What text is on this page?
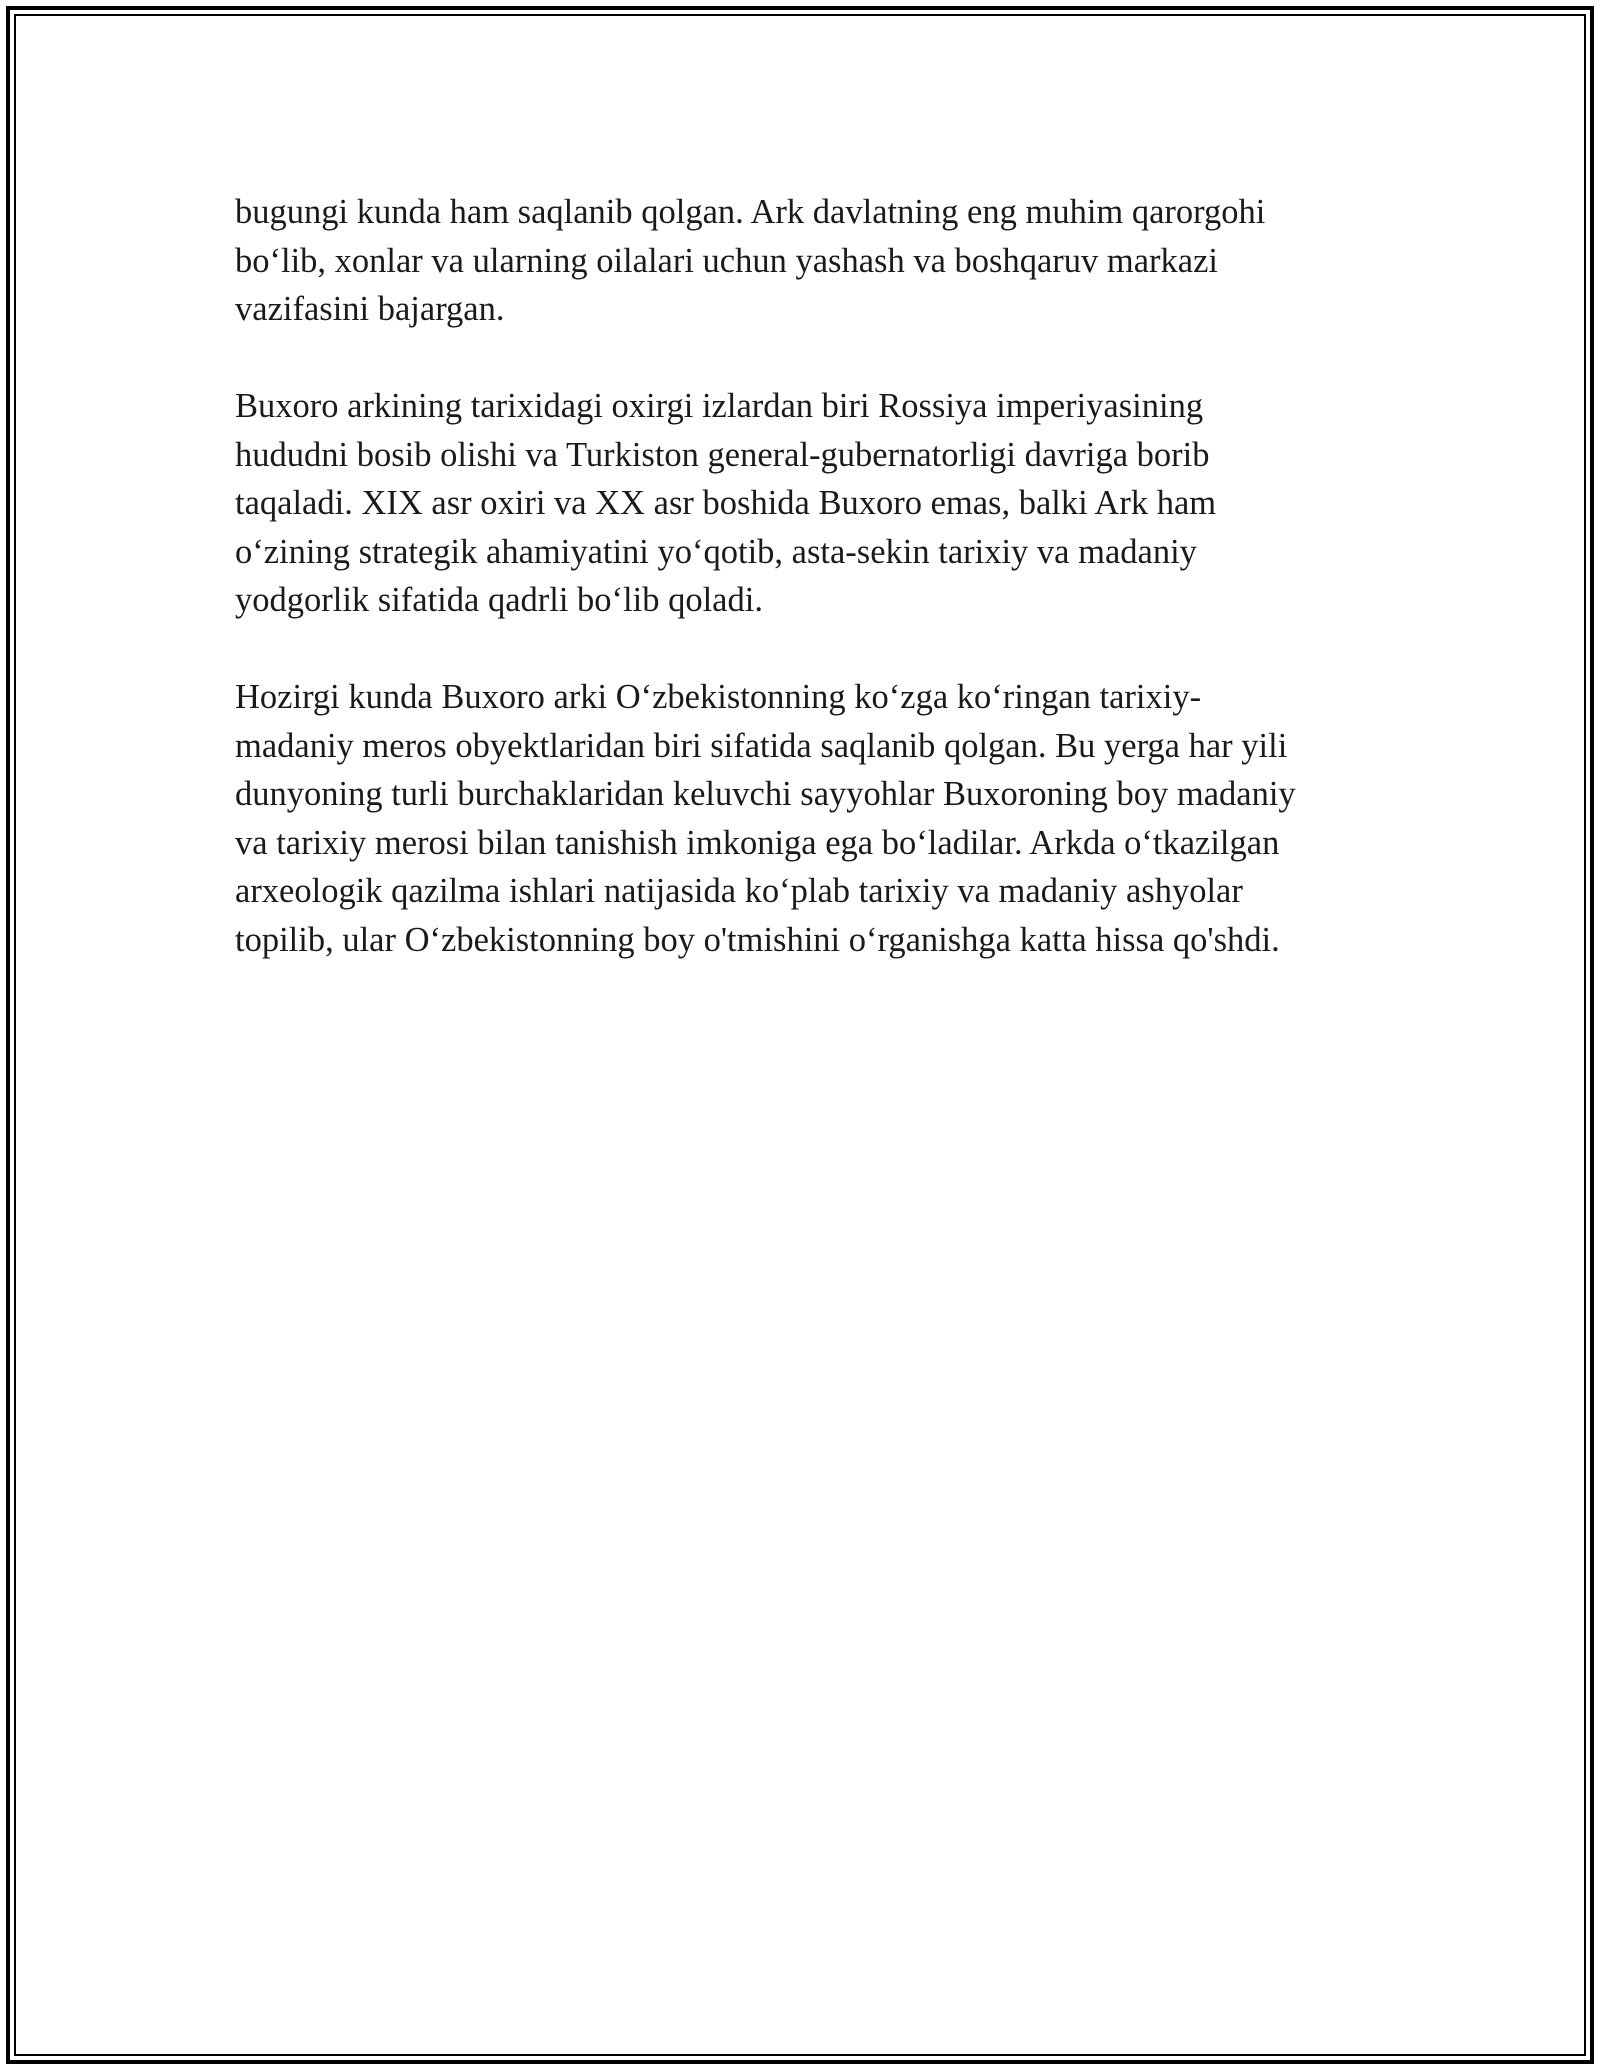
bugungi kunda ham saqlanib qolgan. Ark davlatning eng muhim qarorgohi
bo‘lib, xonlar va ularning oilalari uchun yashash va boshqaruv markazi
vazifasini bajargan.

Buxoro arkining tarixidagi oxirgi izlardan biri Rossiya imperiyasining
hududni bosib olishi va Turkiston general-gubernatorligi davriga borib
taqaladi. XIX asr oxiri va XX asr boshida Buxoro emas, balki Ark ham
o‘zining strategik ahamiyatini yo‘qotib, asta-sekin tarixiy va madaniy
yodgorlik sifatida qadrli bo‘lib qoladi.

Hozirgi kunda Buxoro arki O‘zbekistonning ko‘zga ko‘ringan tarixiy-
madaniy meros obyektlaridan biri sifatida saqlanib qolgan. Bu yerga har yili
dunyoning turli burchaklaridan keluvchi sayyohlar Buxoroning boy madaniy
va tarixiy merosi bilan tanishish imkoniga ega bo‘ladilar. Arkda o‘tkazilgan
arxeologik qazilma ishlari natijasida ko‘plab tarixiy va madaniy ashyolar
topilib, ular O‘zbekistonning boy o'tmishini o‘rganishga katta hissa qo'shdi.
